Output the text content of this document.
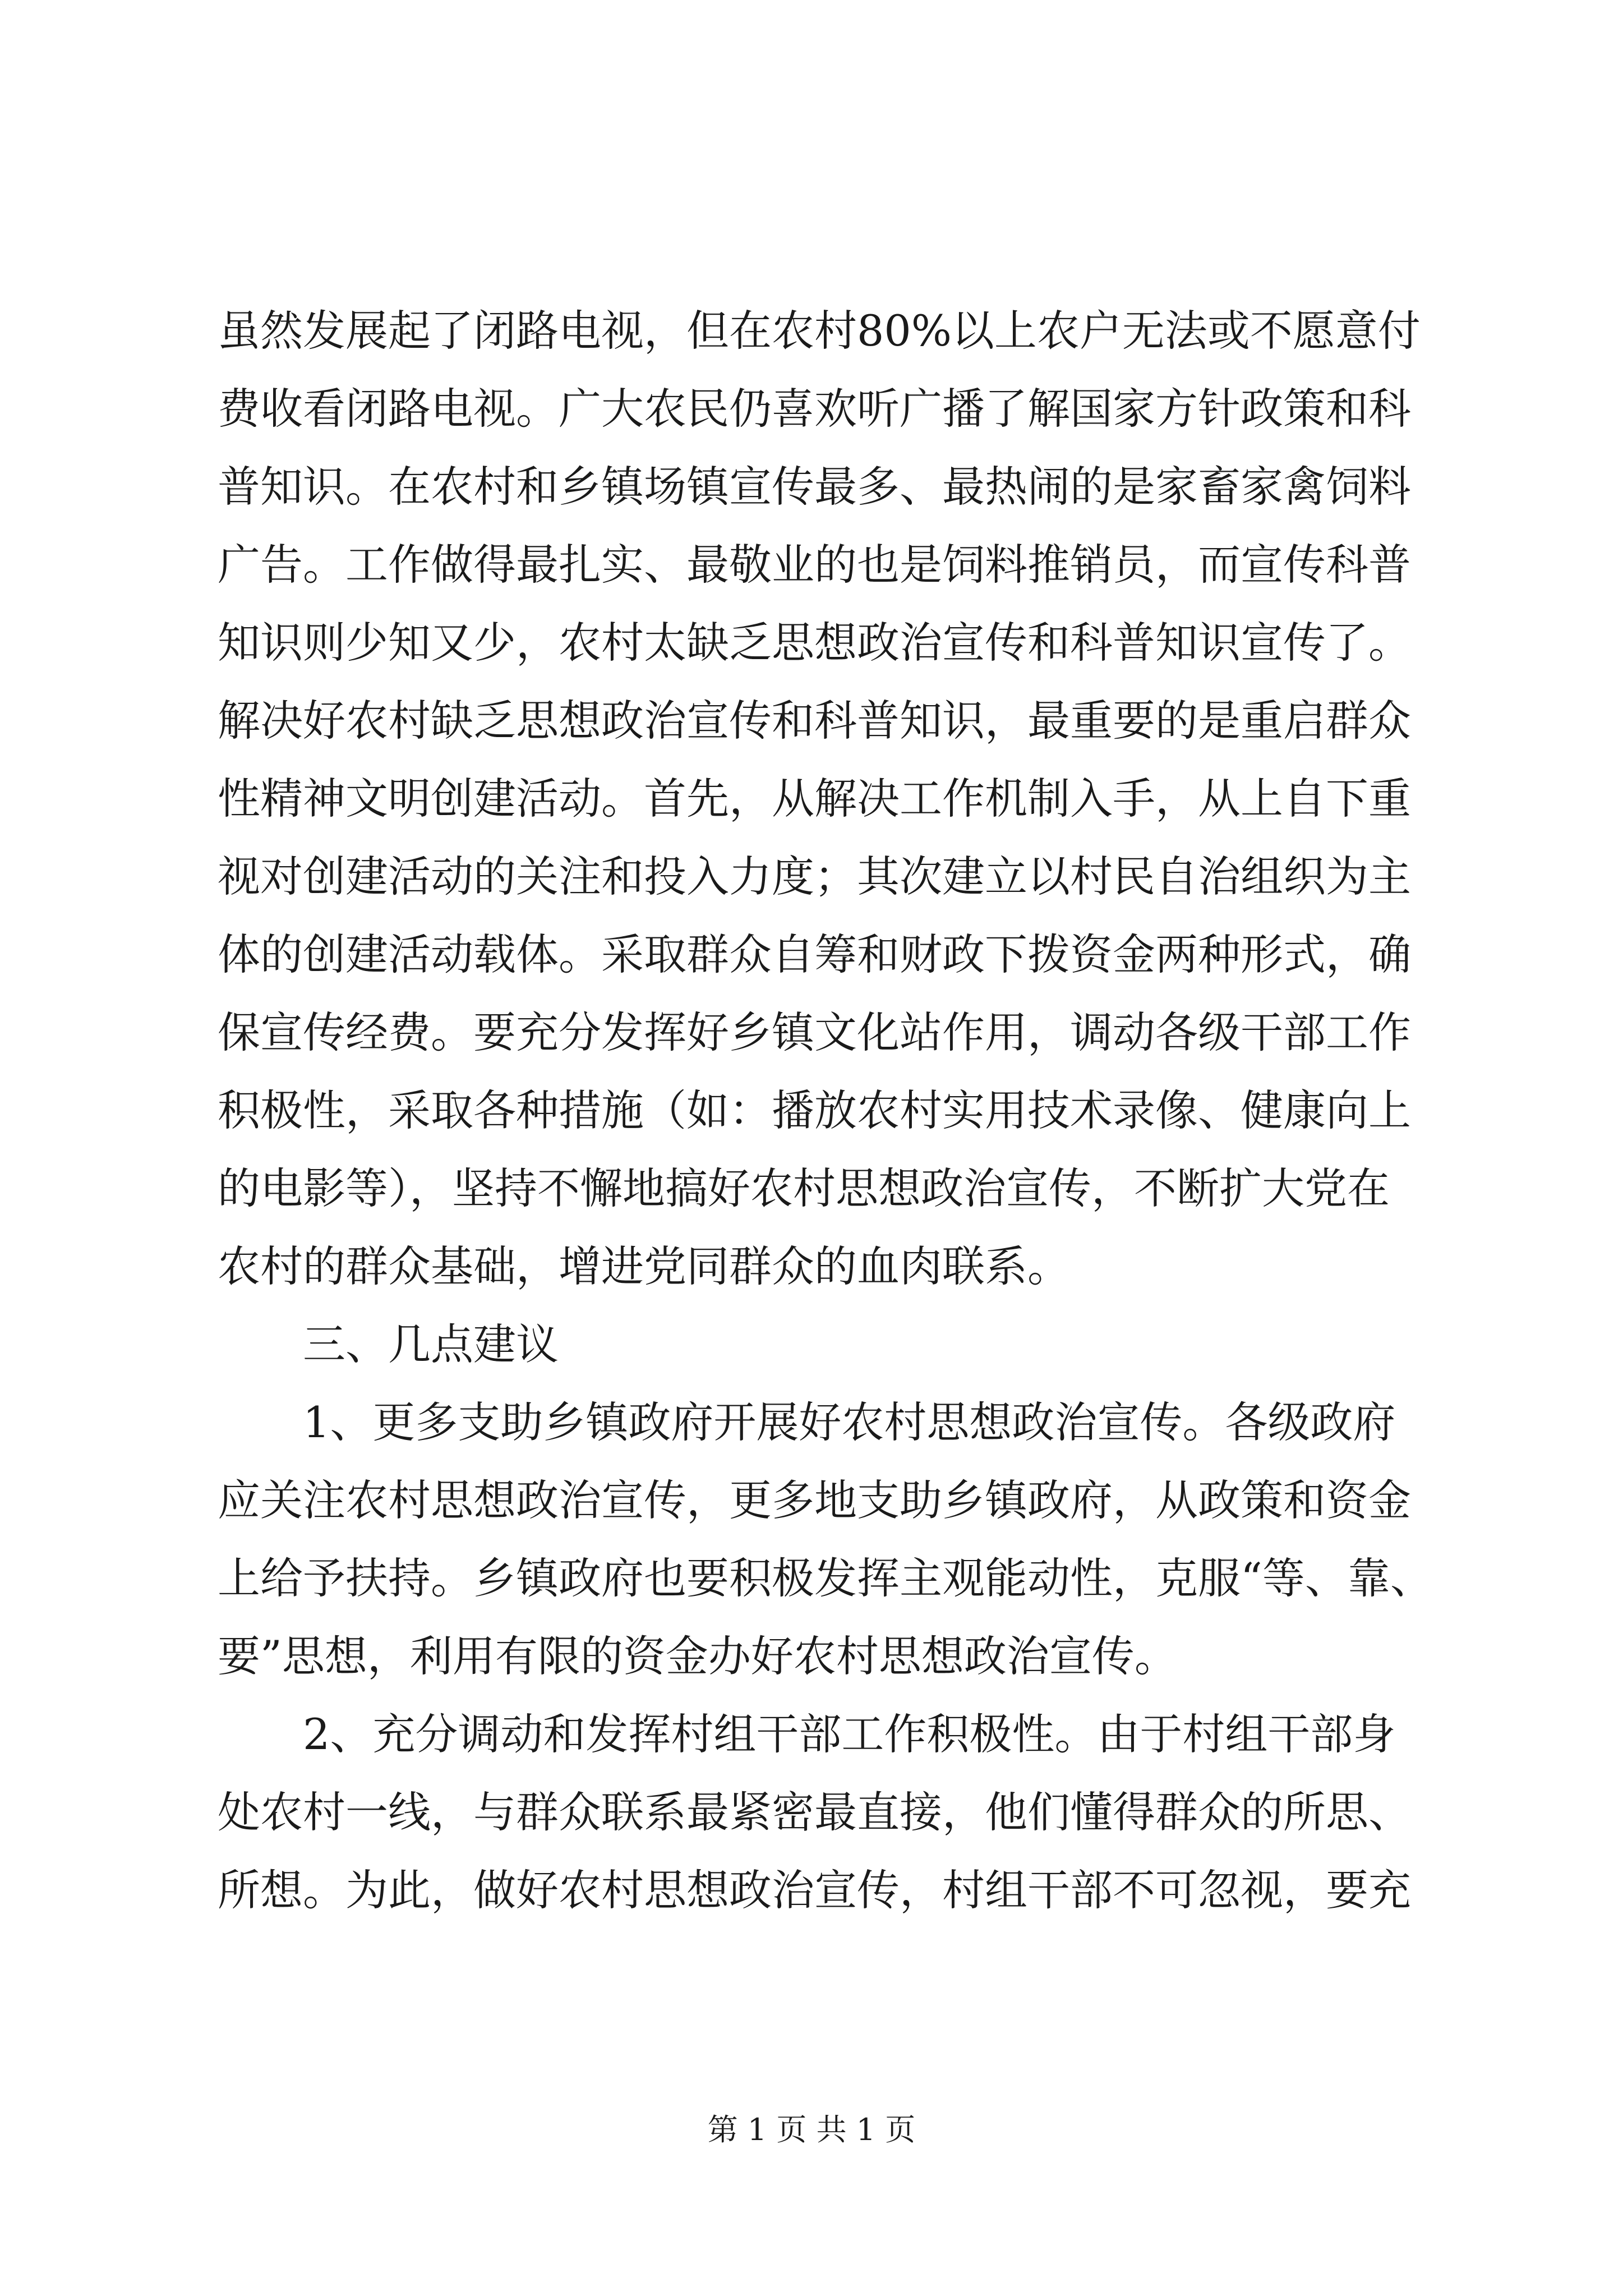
虽然发展起了闭路电视，但在农村80%以上农户无法或不愿意付
费收看闭路电视。广大农民仍喜欢听广播了解国家方针政策和科
普知识。在农村和乡镇场镇宣传最多、最热闹的是家畜家禽饲料
广告。工作做得最扎实、最敬业的也是饲料推销员，而宣传科普
知识则少知又少，农村太缺乏思想政治宣传和科普知识宣传了。
解决好农村缺乏思想政治宣传和科普知识，最重要的是重启群众
性精神文明创建活动。首先，从解决工作机制入手，从上自下重
视对创建活动的关注和投入力度；其次建立以村民自治组织为主
体的创建活动载体。采取群众自筹和财政下拨资金两种形式，确
保宣传经费。要充分发挥好乡镇文化站作用，调动各级干部工作
积极性，采取各种措施（如：播放农村实用技术录像、健康向上
的电影等），坚持不懈地搞好农村思想政治宣传，不断扩大党在
农村的群众基础，增进党同群众的血肉联系。
　　三、几点建议
　　1、更多支助乡镇政府开展好农村思想政治宣传。各级政府
应关注农村思想政治宣传，更多地支助乡镇政府，从政策和资金
上给予扶持。乡镇政府也要积极发挥主观能动性，克服“等、靠、
要”思想，利用有限的资金办好农村思想政治宣传。
　　2、充分调动和发挥村组干部工作积极性。由于村组干部身
处农村一线，与群众联系最紧密最直接，他们懂得群众的所思、
所想。为此，做好农村思想政治宣传，村组干部不可忽视，要充
第 1 页 共 1 页
